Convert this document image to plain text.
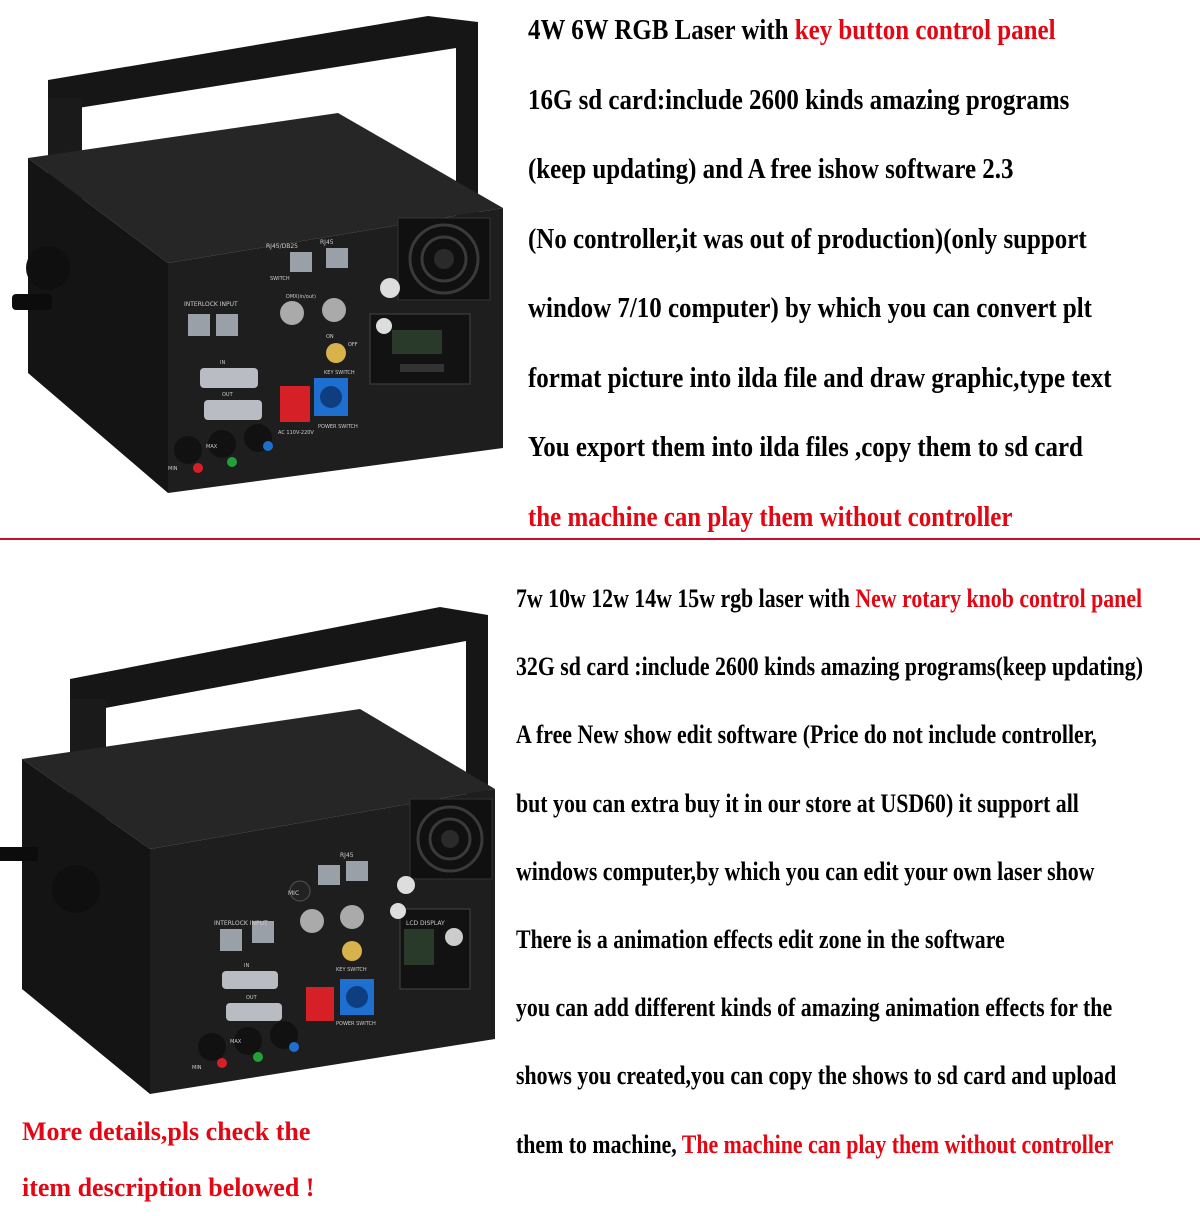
INTERLOCK INPUT
RJ45
RJ45/DB25
SWITCH
DMX(in/out)
IN
OUT
KEY SWITCH
POWER SWITCH
ON
OFF
AC 110V-220V
MIN
MAX
4W 6W RGB Laser with key button control panel
16G sd card:include 2600 kinds amazing programs
(keep updating) and A free ishow software 2.3
(No controller,it was out of production)(only support
window 7/10 computer) by which you can convert plt
format picture into ilda file and draw graphic,type text
You export them into ilda files ,copy them to sd card
the machine can play them without controller
INTERLOCK INPUT
MIC
RJ45
LCD DISPLAY
KEY SWITCH
POWER SWITCH
IN
OUT
MIN
MAX
7w 10w 12w 14w 15w rgb laser with New rotary knob control panel
32G sd card :include 2600 kinds amazing programs(keep updating)
A free New show edit software (Price do not include controller,
but you can extra buy it in our store at USD60) it support all
windows computer,by which you can edit your own laser show
There is a animation effects edit zone in the software
you can add different kinds of amazing animation effects for the
shows you created,you can copy the shows to sd card and upload
them to machine, The machine can play them without controller
More details,pls check the
item description belowed !
